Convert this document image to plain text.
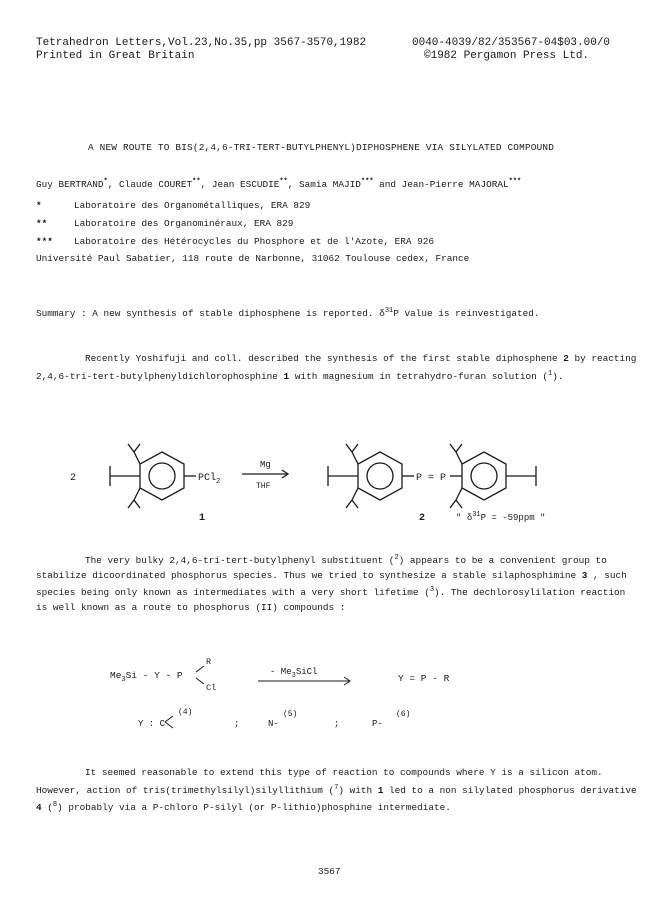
Tetrahedron Letters,Vol.23,No.35,pp 3567-3570,1982
Printed in Great Britain
0040-4039/82/353567-04$03.00/0
©1982 Pergamon Press Ltd.
A NEW ROUTE TO BIS(2,4,6-TRI-TERT-BUTYLPHENYL)DIPHOSPHENE VIA SILYLATED COMPOUND
Guy BERTRAND*, Claude COURET**, Jean ESCUDIE**, Samia MAJID*** and Jean-Pierre MAJORAL***
*	Laboratoire des Organométalliques, ERA 829
**	Laboratoire des Organominéraux, ERA 829
*** Laboratoire des Hétérocycles du Phosphore et de l'Azote, ERA 926
Université Paul Sabatier, 118 route de Narbonne, 31062 Toulouse cedex, France
Summary : A new synthesis of stable diphosphene is reported. $\delta^{31}P$ value is reinvestigated.
Recently Yoshifuji and coll. described the synthesis of the first stable diphosphene 2 by reacting 2,4,6-tri-tert-butylphenyldichlorophosphine 1 with magnesium in tetrahydro-furan solution ($^1$).
2	PCl$_2$
Mg
THF
P = P
1	2	" $\delta^{31}P = -59ppm$ "
The very bulky 2,4,6-tri-tert-butylphenyl substituent ($^2$) appears to be a convenient group to stabilize dicoordinated phosphorus species. Thus we tried to synthesize a stable silaphosphimine 3 , such species being only known as intermediates with a very short lifetime ($^3$). The dechlorosylilation reaction is well known as a route to phosphorus (II) compounds :
$Me_3Si$ - Y - P
R
Cl
- $Me_3SiCl$
Y = P - R
Y : C
(4)
;	N-
(5)
;	P-
(6)
It seemed reasonable to extend this type of reaction to compounds where Y is a silicon atom. However, action of tris(trimethylsilyl)silyllithium ($^7$) with 1 led to a non silylated phosphorus derivative 4 ($^8$) probably via a P-chloro P-silyl (or P-lithio)phosphine intermediate.
3567
